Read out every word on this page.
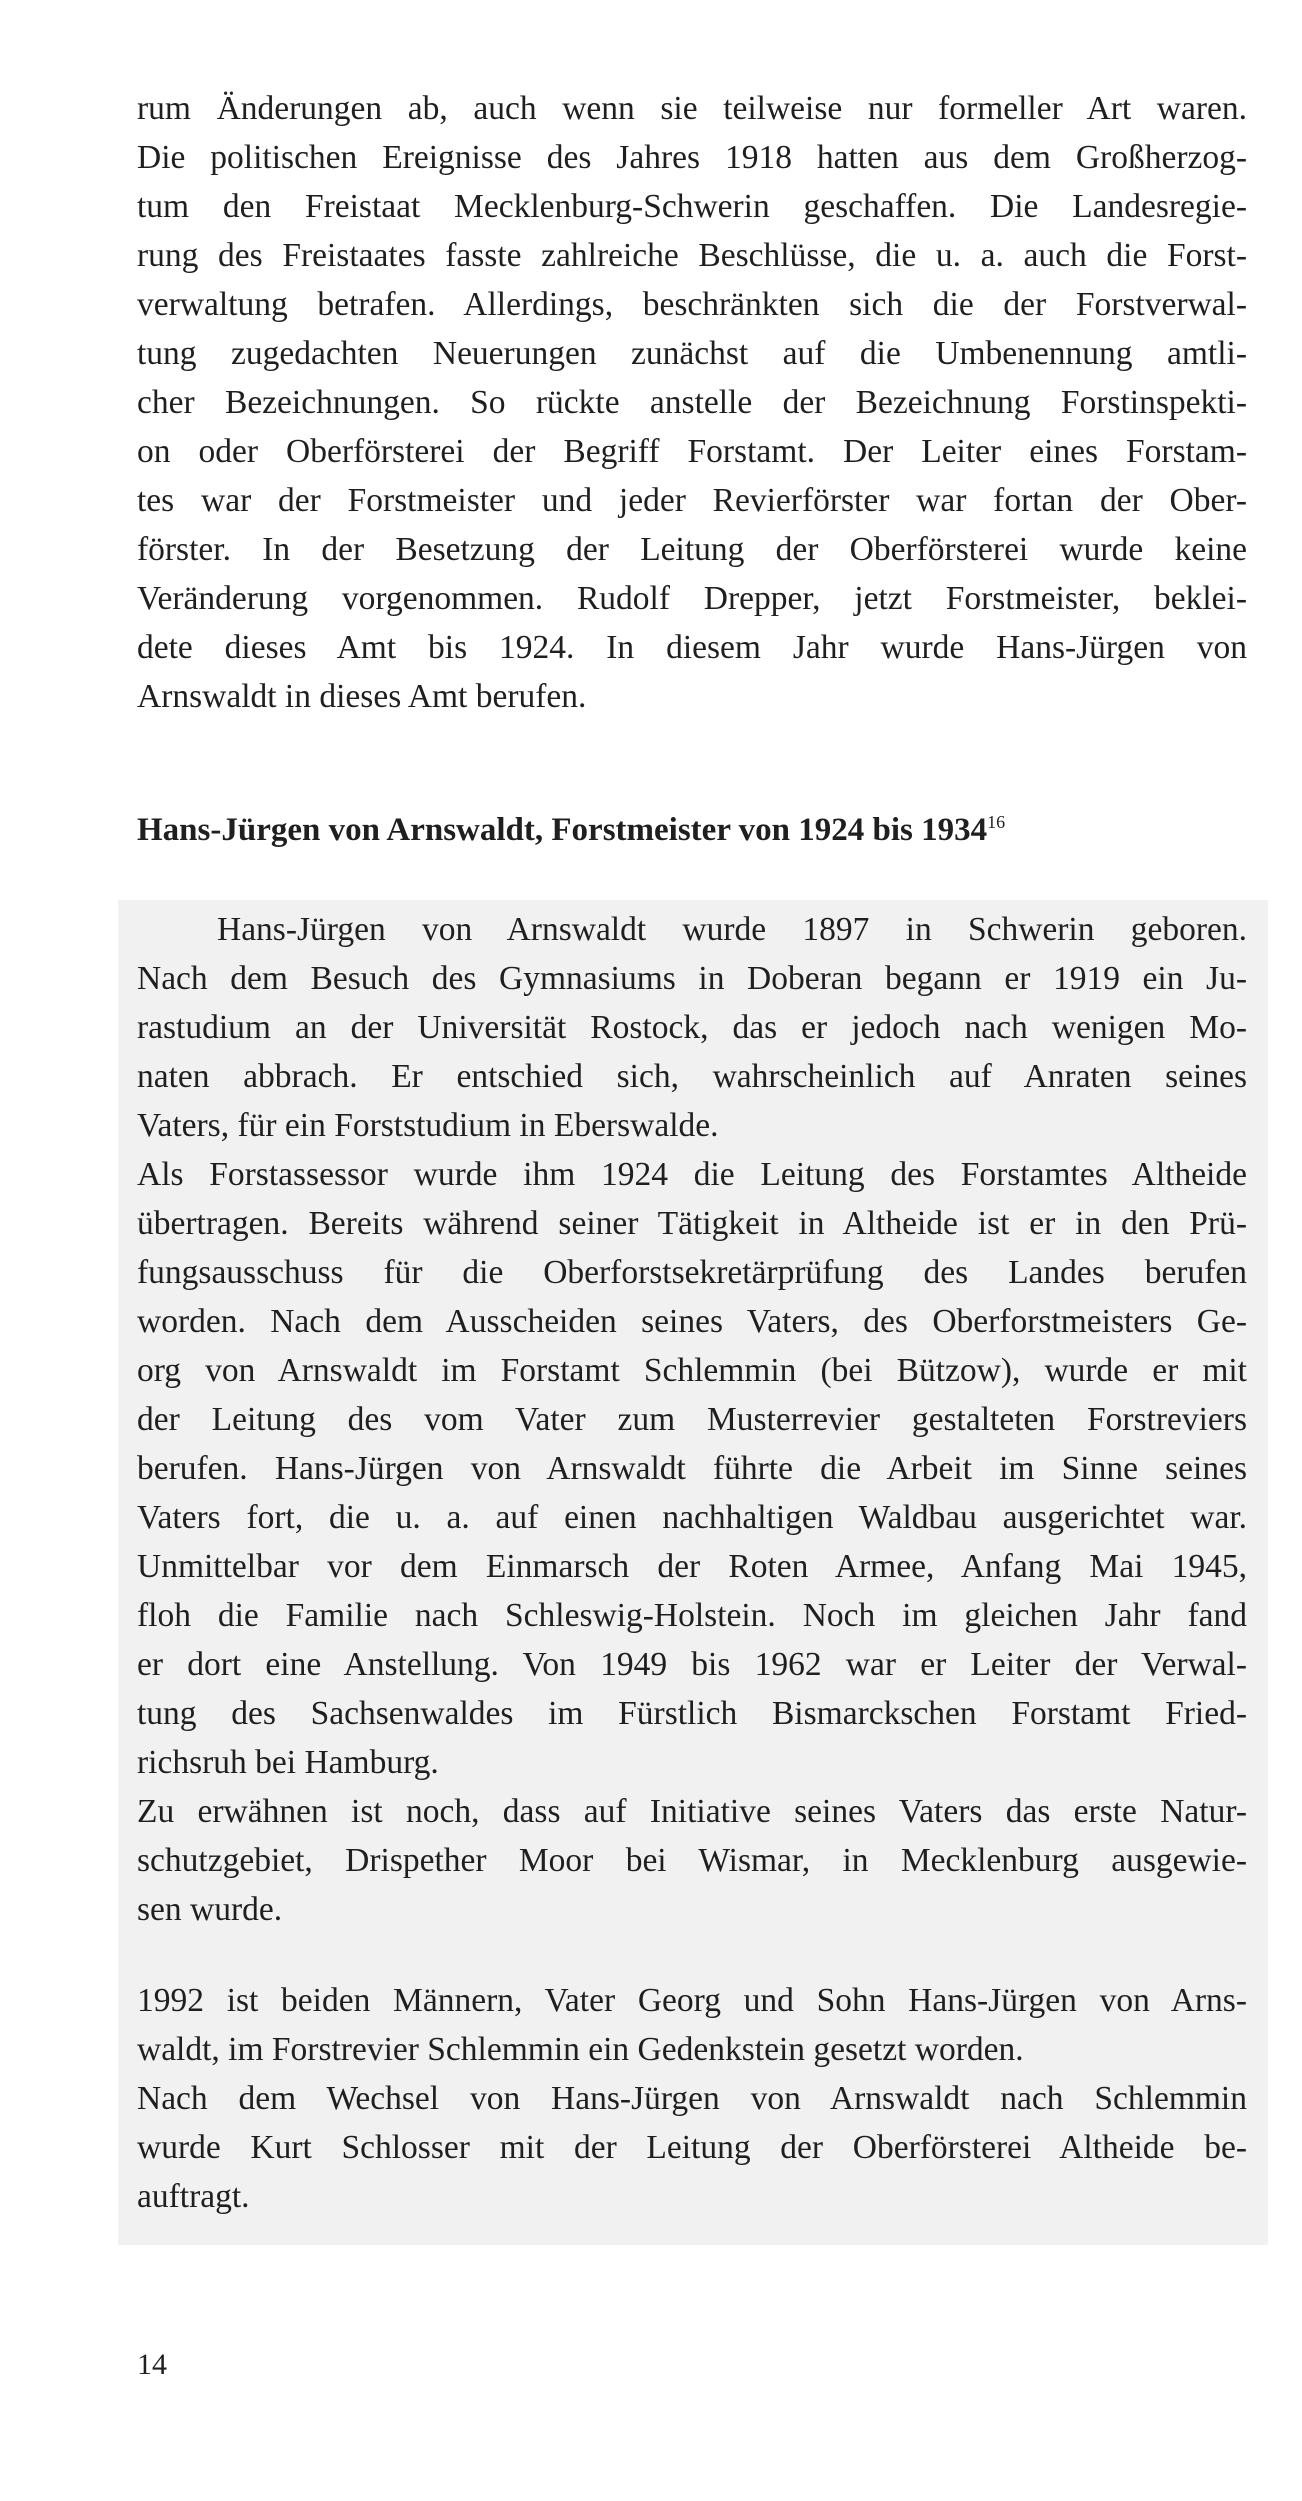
rum Änderungen ab, auch wenn sie teilweise nur formeller Art waren.
Die politischen Ereignisse des Jahres 1918 hatten aus dem Großherzog-
tum den Freistaat Mecklenburg-Schwerin geschaffen. Die Landesregie-
rung des Freistaates fasste zahlreiche Beschlüsse, die u. a. auch die Forst-
verwaltung betrafen. Allerdings, beschränkten sich die der Forstverwal-
tung zugedachten Neuerungen zunächst auf die Umbenennung amtli-
cher Bezeichnungen. So rückte anstelle der Bezeichnung Forstinspekti-
on oder Oberförsterei der Begriff Forstamt. Der Leiter eines Forstam-
tes war der Forstmeister und jeder Revierförster war fortan der Ober-
förster. In der Besetzung der Leitung der Oberförsterei wurde keine
Veränderung vorgenommen. Rudolf Drepper, jetzt Forstmeister, beklei-
dete dieses Amt bis 1924. In diesem Jahr wurde Hans-Jürgen von
Arnswaldt in dieses Amt berufen.

Hans-Jürgen von Arnswaldt, Forstmeister von 1924 bis 1934$^{16}$

Hans-Jürgen von Arnswaldt wurde 1897 in Schwerin geboren.
Nach dem Besuch des Gymnasiums in Doberan begann er 1919 ein Ju-
rastudium an der Universität Rostock, das er jedoch nach wenigen Mo-
naten abbrach. Er entschied sich, wahrscheinlich auf Anraten seines
Vaters, für ein Forststudium in Eberswalde.
Als Forstassessor wurde ihm 1924 die Leitung des Forstamtes Altheide
übertragen. Bereits während seiner Tätigkeit in Altheide ist er in den Prü-
fungsausschuss für die Oberforstsekretärprüfung des Landes berufen
worden. Nach dem Ausscheiden seines Vaters, des Oberforstmeisters Ge-
org von Arnswaldt im Forstamt Schlemmin (bei Bützow), wurde er mit
der Leitung des vom Vater zum Musterrevier gestalteten Forstreviers
berufen. Hans-Jürgen von Arnswaldt führte die Arbeit im Sinne seines
Vaters fort, die u. a. auf einen nachhaltigen Waldbau ausgerichtet war.
Unmittelbar vor dem Einmarsch der Roten Armee, Anfang Mai 1945,
floh die Familie nach Schleswig-Holstein. Noch im gleichen Jahr fand
er dort eine Anstellung. Von 1949 bis 1962 war er Leiter der Verwal-
tung des Sachsenwaldes im Fürstlich Bismarckschen Forstamt Fried-
richsruh bei Hamburg.
Zu erwähnen ist noch, dass auf Initiative seines Vaters das erste Natur-
schutzgebiet, Drispether Moor bei Wismar, in Mecklenburg ausgewie-
sen wurde.

1992 ist beiden Männern, Vater Georg und Sohn Hans-Jürgen von Arns-
waldt, im Forstrevier Schlemmin ein Gedenkstein gesetzt worden.
Nach dem Wechsel von Hans-Jürgen von Arnswaldt nach Schlemmin
wurde Kurt Schlosser mit der Leitung der Oberförsterei Altheide be-
auftragt.

14
